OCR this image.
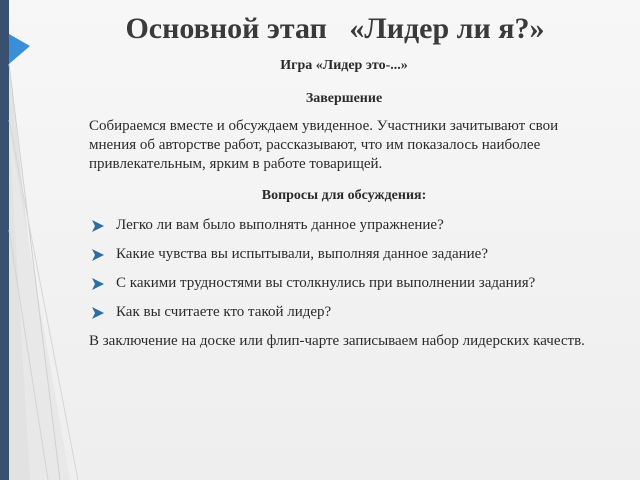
Основной этап   «Лидер ли я?»
Игра «Лидер это-...»
Завершение
Собираемся вместе и обсуждаем увиденное. Участники зачитывают свои мнения об авторстве работ, рассказывают, что им показалось наиболее привлекательным, ярким в работе товарищей.
Вопросы для обсуждения:
Легко ли вам было выполнять данное упражнение?
Какие чувства вы испытывали, выполняя данное задание?
С какими трудностями вы столкнулись при выполнении задания?
Как вы считаете кто такой лидер?
В заключение на доске или флип-чарте записываем набор лидерских качеств.
